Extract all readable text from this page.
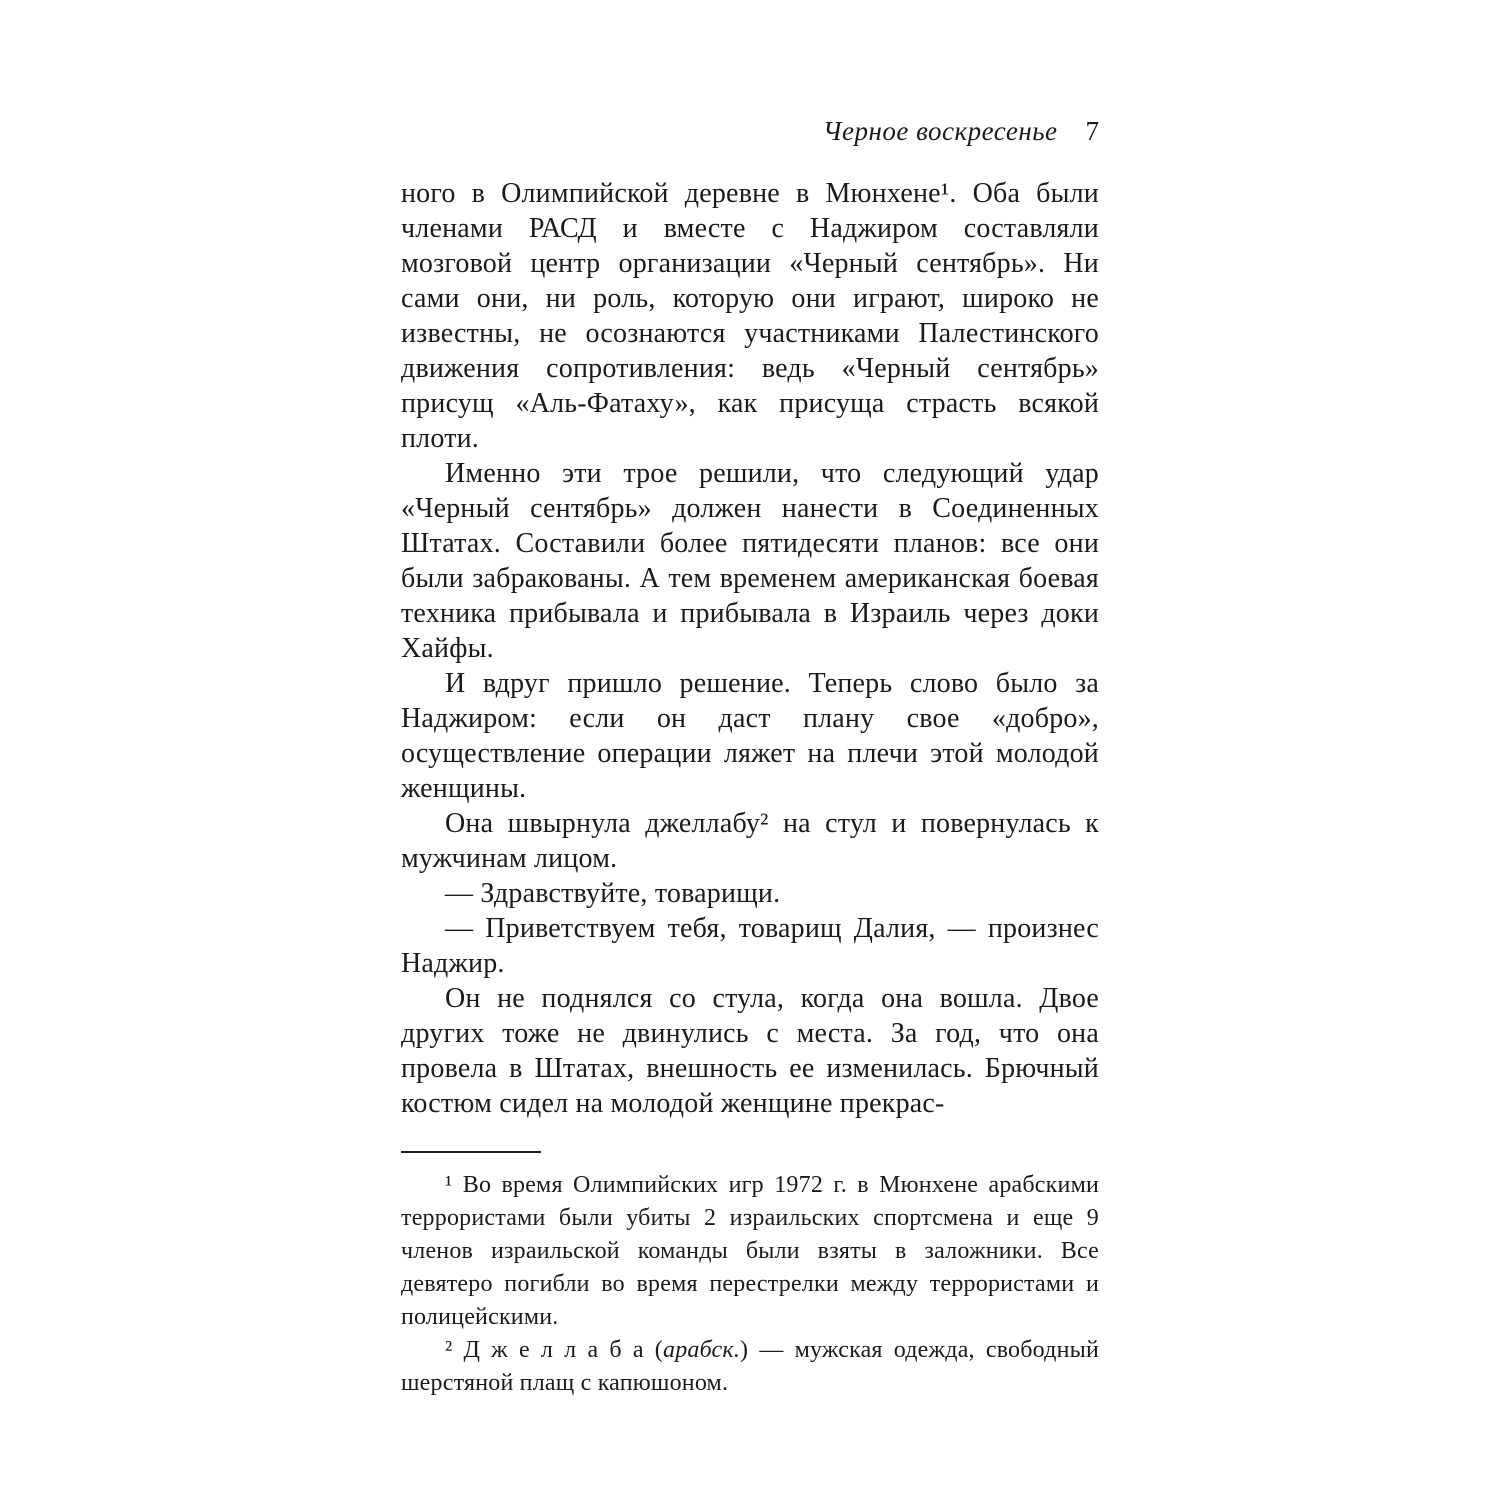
Черное воскресенье 7

ного в Олимпийской деревне в Мюнхене¹. Оба были членами РАСД и вместе с Наджиром составляли мозговой центр организации «Черный сентябрь». Ни сами они, ни роль, которую они играют, широко не известны, не осознаются участниками Палестинского движения сопротивления: ведь «Черный сентябрь» присущ «Аль-Фатаху», как присуща страсть всякой плоти.

Именно эти трое решили, что следующий удар «Черный сентябрь» должен нанести в Соединенных Штатах. Составили более пятидесяти планов: все они были забракованы. А тем временем американская боевая техника прибывала и прибывала в Израиль через доки Хайфы.

И вдруг пришло решение. Теперь слово было за Наджиром: если он даст плану свое «добро», осуществление операции ляжет на плечи этой молодой женщины.

Она швырнула джеллабу² на стул и повернулась к мужчинам лицом.

— Здравствуйте, товарищи.

— Приветствуем тебя, товарищ Далия, — произнес Наджир.

Он не поднялся со стула, когда она вошла. Двое других тоже не двинулись с места. За год, что она провела в Штатах, внешность ее изменилась. Брючный костюм сидел на молодой женщине прекрас-

¹ Во время Олимпийских игр 1972 г. в Мюнхене арабскими террористами были убиты 2 израильских спортсмена и еще 9 членов израильской команды были взяты в заложники. Все девятеро погибли во время перестрелки между террористами и полицейскими.

² Д ж е л л а б а (арабск.) — мужская одежда, свободный шерстяной плащ с капюшоном.
